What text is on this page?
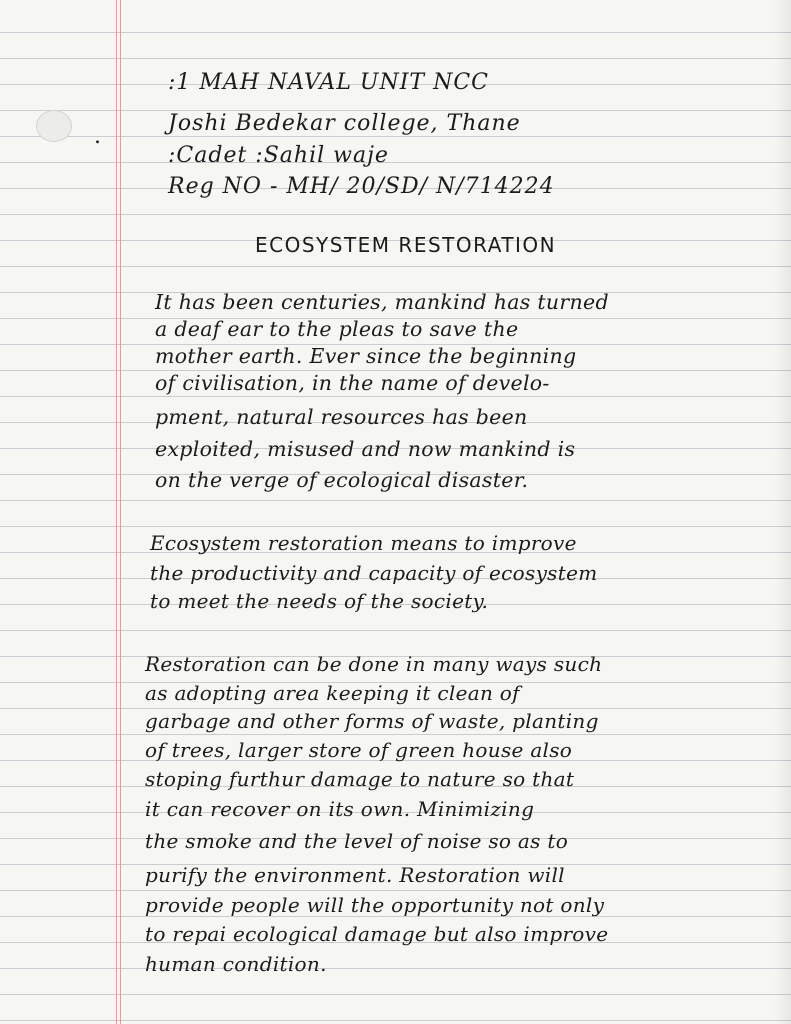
.
:1 MAH NAVAL UNIT NCC
Joshi Bedekar college, Thane
:Cadet :Sahil waje
Reg NO - MH/ 20/SD/ N/714224
ECOSYSTEM RESTORATION
It has been centuries, mankind has turned
a deaf ear to the pleas to save the
mother earth. Ever since the beginning
of civilisation, in the name of develo-
pment, natural resources has been
exploited, misused and now mankind is
on the verge of ecological disaster.
Ecosystem restoration means to improve
the productivity and capacity of ecosystem
to meet the needs of the society.
Restoration can be done in many ways such
as adopting area keeping it clean of
garbage and other forms of waste, planting
of trees, larger store of green house also
stoping furthur damage to nature so that
it can recover on its own. Minimizing
the smoke and the level of noise so as to
purify the environment. Restoration will
provide people will the opportunity not only
to repai ecological damage but also improve
human condition.
